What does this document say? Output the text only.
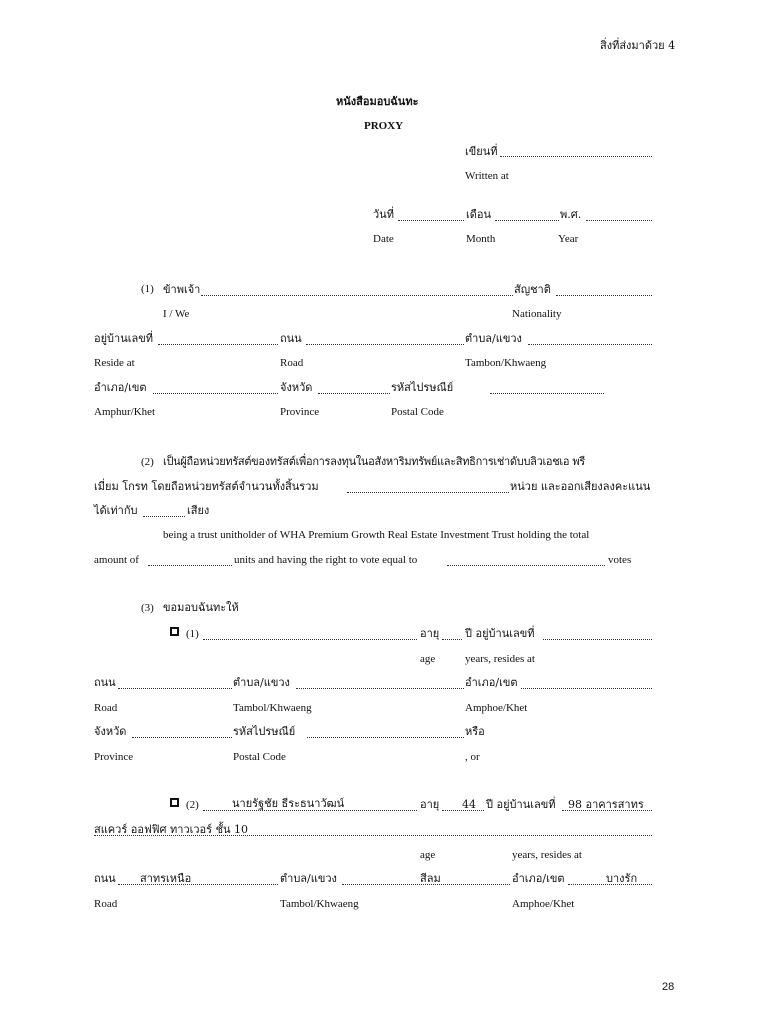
สิ่งที่ส่งมาด้วย 4
หนังสือมอบฉันทะ
PROXY
เขียนที่
Written at
วันที่	เดือน	พ.ศ.
Date	Month	Year
(1) ข้าพเจ้า	สัญชาติ
I / We	Nationality
อยู่บ้านเลขที่	ถนน	ตำบล/แขวง
Reside at	Road	Tambon/Khwaeng
อำเภอ/เขต	จังหวัด	รหัสไปรษณีย์
Amphur/Khet	Province	Postal Code
(2) เป็นผู้ถือหน่วยทรัสต์ของทรัสต์เพื่อการลงทุนในอสังหาริมทรัพย์และสิทธิการเช่าดับบลิวเอชเอ พรี
เมี่ยม โกรท โดยถือหน่วยทรัสต์จำนวนทั้งสิ้นรวม	หน่วย และออกเสียงลงคะแนน
ได้เท่ากับ	เสียง
being a trust unitholder of WHA Premium Growth Real Estate Investment Trust holding the total
amount of	units and having the right to vote equal to	votes
(3) ขอมอบฉันทะให้
(1)	อายุ ปี อยู่บ้านเลขที่
age	years, resides at
ถนน	ตำบล/แขวง	อำเภอ/เขต
Road	Tambol/Khwaeng	Amphoe/Khet
จังหวัด	รหัสไปรษณีย์	หรือ
Province	Postal Code	, or
(2)	นายรัฐชัย ธีระธนาวัฒน์	อายุ 44 ปี อยู่บ้านเลขที่ 98 อาคารสาทร
สแควร์ ออฟฟิศ ทาวเวอร์ ชั้น 10
age	years, resides at
ถนน สาทรเหนือ	ตำบล/แขวง	สีลม	อำเภอ/เขต	บางรัก
Road	Tambol/Khwaeng	Amphoe/Khet
28
